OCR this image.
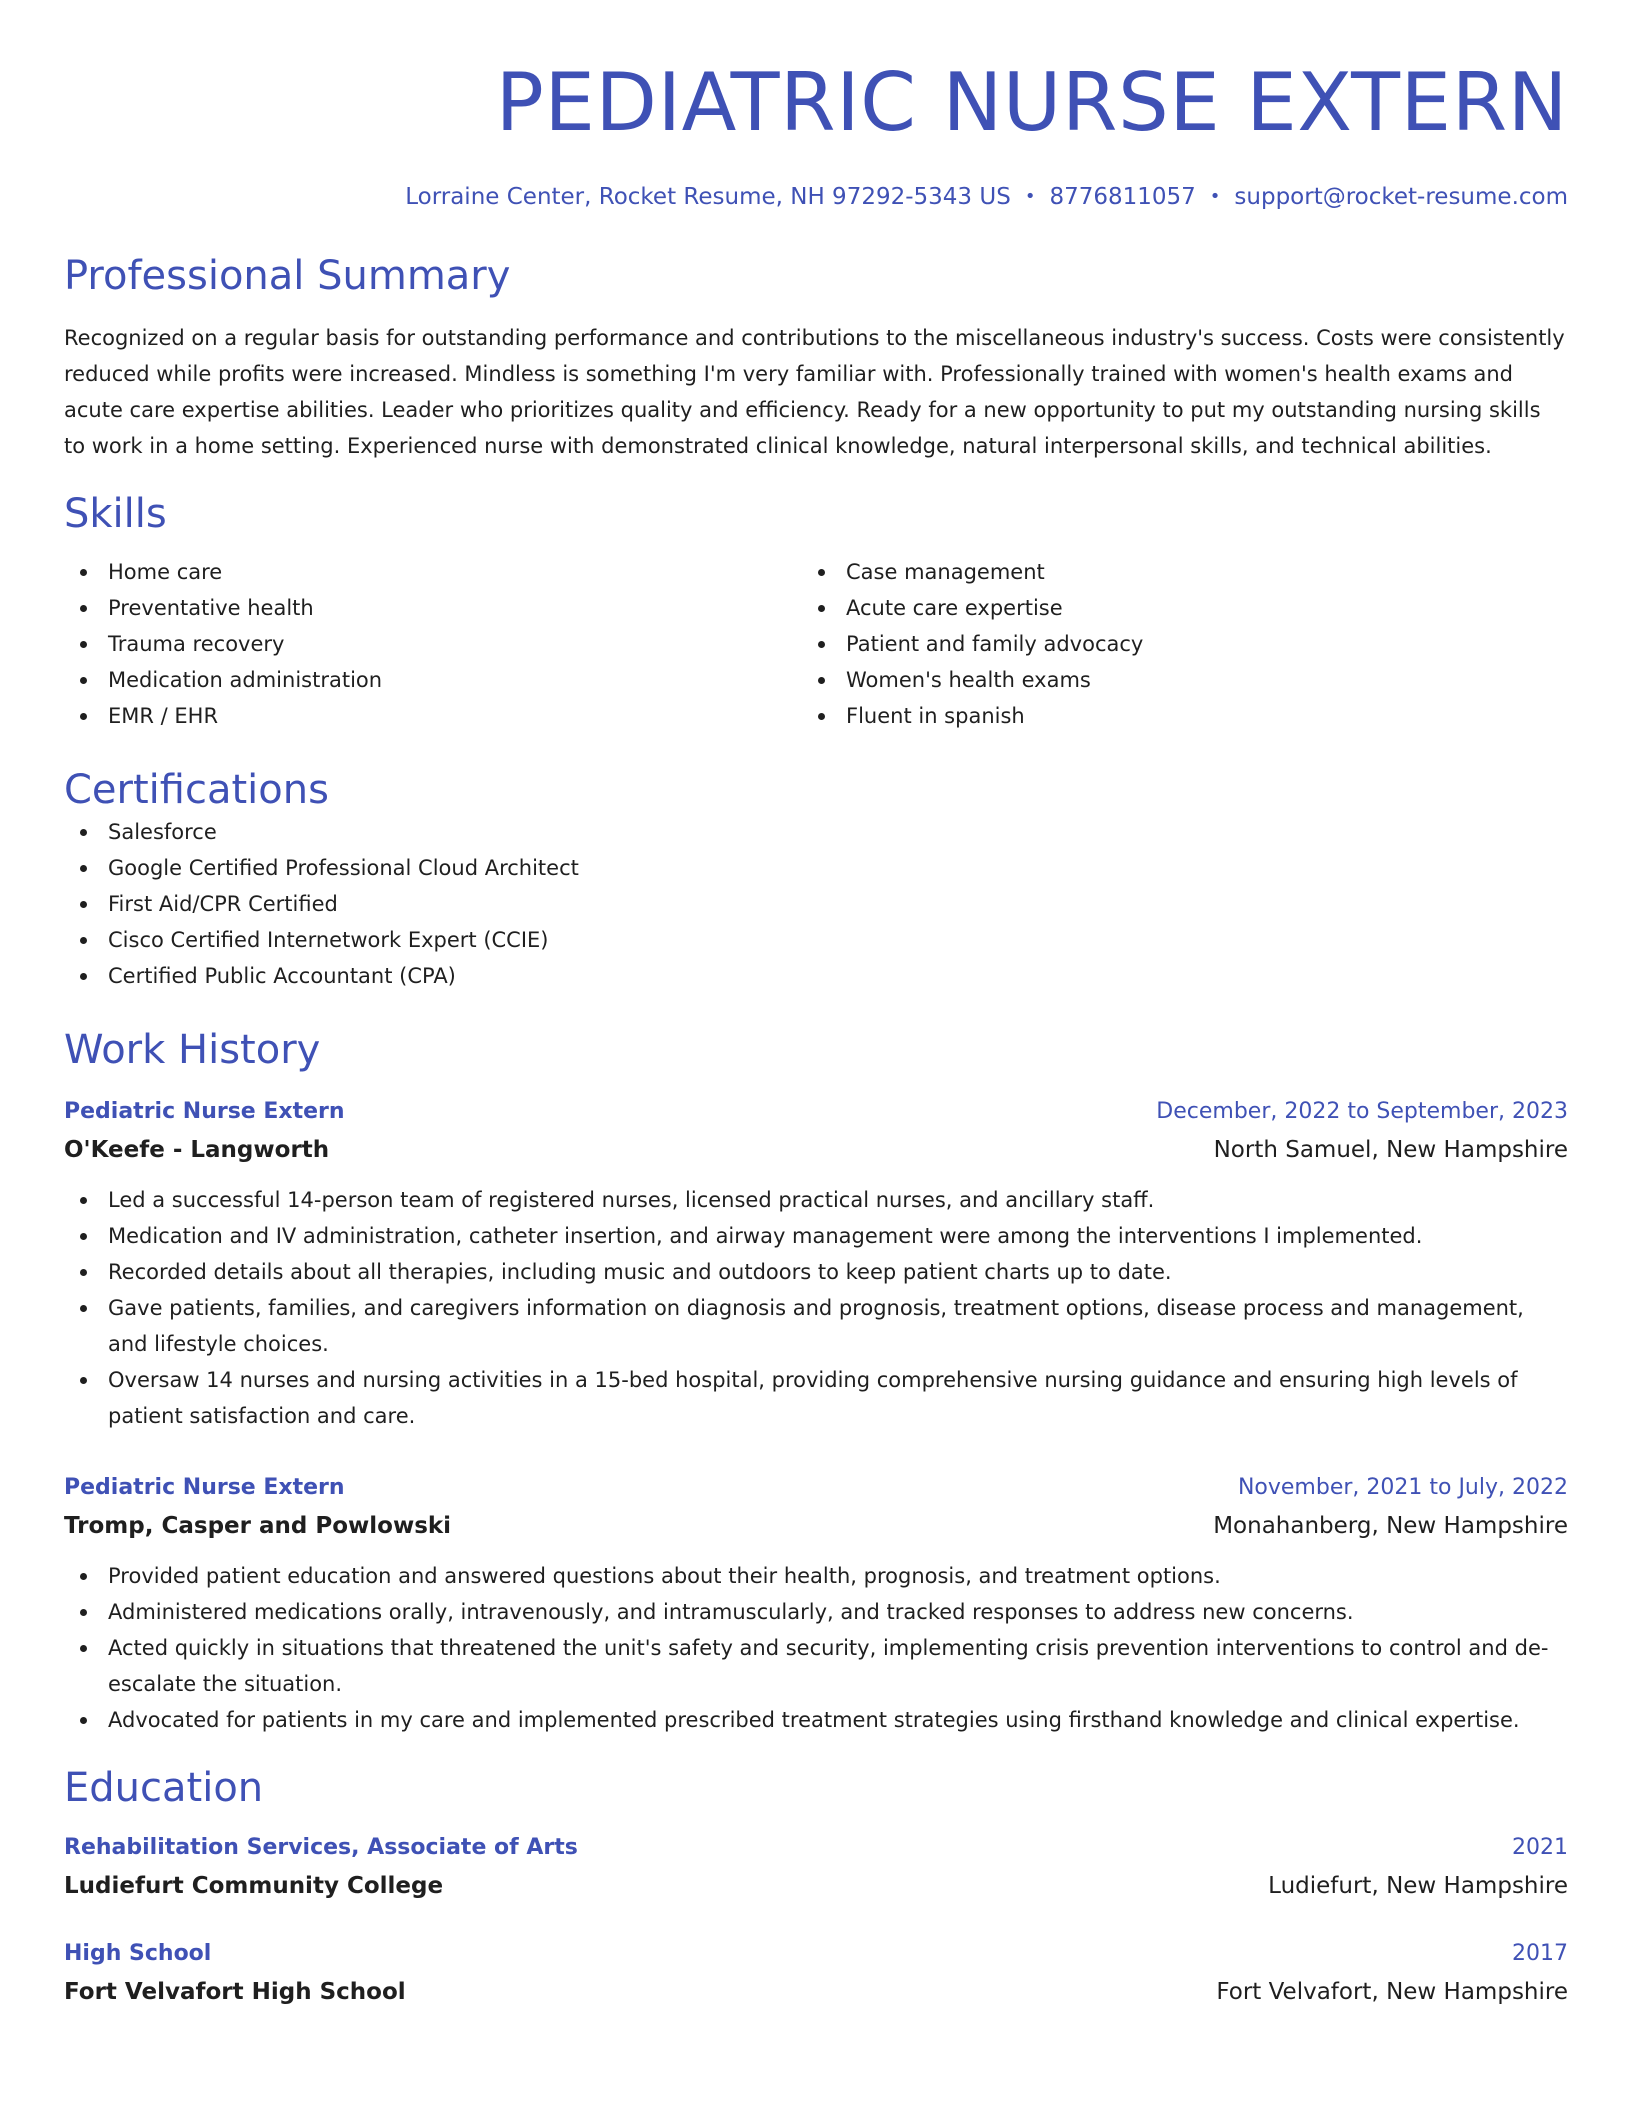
PEDIATRIC NURSE EXTERN
Lorraine Center, Rocket Resume, NH 97292-5343 US • 8776811057 • support@rocket-resume.com
Professional Summary
Recognized on a regular basis for outstanding performance and contributions to the miscellaneous industry's success. Costs were consistently reduced while profits were increased. Mindless is something I'm very familiar with. Professionally trained with women's health exams and acute care expertise abilities. Leader who prioritizes quality and efficiency. Ready for a new opportunity to put my outstanding nursing skills to work in a home setting. Experienced nurse with demonstrated clinical knowledge, natural interpersonal skills, and technical abilities.
Skills
Home care
Preventative health
Trauma recovery
Medication administration
EMR / EHR
Case management
Acute care expertise
Patient and family advocacy
Women's health exams
Fluent in spanish
Certifications
Salesforce
Google Certified Professional Cloud Architect
First Aid/CPR Certified
Cisco Certified Internetwork Expert (CCIE)
Certified Public Accountant (CPA)
Work History
Pediatric Nurse Extern	December, 2022 to September, 2023
O'Keefe - Langworth	North Samuel, New Hampshire
Led a successful 14-person team of registered nurses, licensed practical nurses, and ancillary staff.
Medication and IV administration, catheter insertion, and airway management were among the interventions I implemented.
Recorded details about all therapies, including music and outdoors to keep patient charts up to date.
Gave patients, families, and caregivers information on diagnosis and prognosis, treatment options, disease process and management, and lifestyle choices.
Oversaw 14 nurses and nursing activities in a 15-bed hospital, providing comprehensive nursing guidance and ensuring high levels of patient satisfaction and care.
Pediatric Nurse Extern	November, 2021 to July, 2022
Tromp, Casper and Powlowski	Monahanberg, New Hampshire
Provided patient education and answered questions about their health, prognosis, and treatment options.
Administered medications orally, intravenously, and intramuscularly, and tracked responses to address new concerns.
Acted quickly in situations that threatened the unit's safety and security, implementing crisis prevention interventions to control and de-escalate the situation.
Advocated for patients in my care and implemented prescribed treatment strategies using firsthand knowledge and clinical expertise.
Education
Rehabilitation Services, Associate of Arts	2021
Ludiefurt Community College	Ludiefurt, New Hampshire
High School	2017
Fort Velvafort High School	Fort Velvafort, New Hampshire
